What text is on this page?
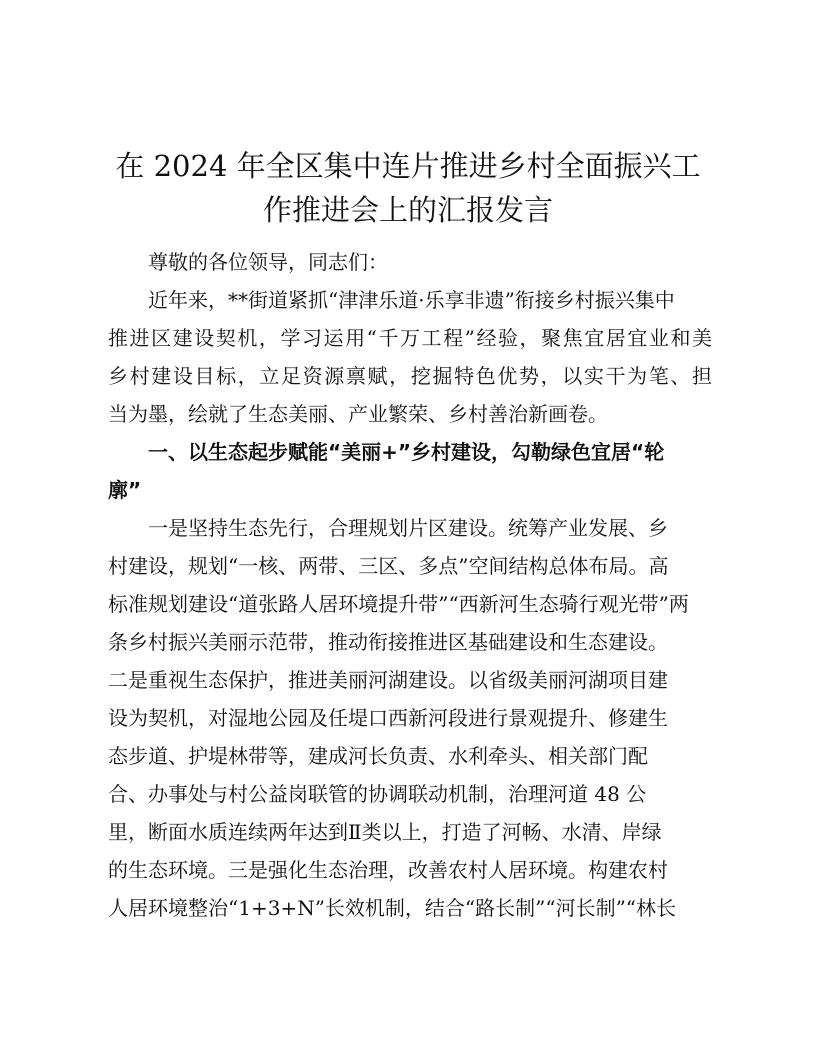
在 2024 年全区集中连片推进乡村全面振兴工
作推进会上的汇报发言

尊敬的各位领导，同志们：

近年来，**街道紧抓“津津乐道·乐享非遗”衔接乡村振兴集中

推进区建设契机，学习运用“千万工程”经验，聚焦宜居宜业和美

乡村建设目标，立足资源禀赋，挖掘特色优势，以实干为笔、担

当为墨，绘就了生态美丽、产业繁荣、乡村善治新画卷。

一、以生态起步赋能“美丽+”乡村建设，勾勒绿色宜居“轮

廓”

一是坚持生态先行，合理规划片区建设。统筹产业发展、乡

村建设，规划“一核、两带、三区、多点”空间结构总体布局。高

标准规划建设“道张路人居环境提升带”“西新河生态骑行观光带”两

条乡村振兴美丽示范带，推动衔接推进区基础建设和生态建设。

二是重视生态保护，推进美丽河湖建设。以省级美丽河湖项目建

设为契机，对湿地公园及任堤口西新河段进行景观提升、修建生

态步道、护堤林带等，建成河长负责、水利牵头、相关部门配

合、办事处与村公益岗联管的协调联动机制，治理河道 48 公

里，断面水质连续两年达到Ⅱ类以上，打造了河畅、水清、岸绿

的生态环境。三是强化生态治理，改善农村人居环境。构建农村

人居环境整治“1+3+N”长效机制，结合“路长制”“河长制”“林长
